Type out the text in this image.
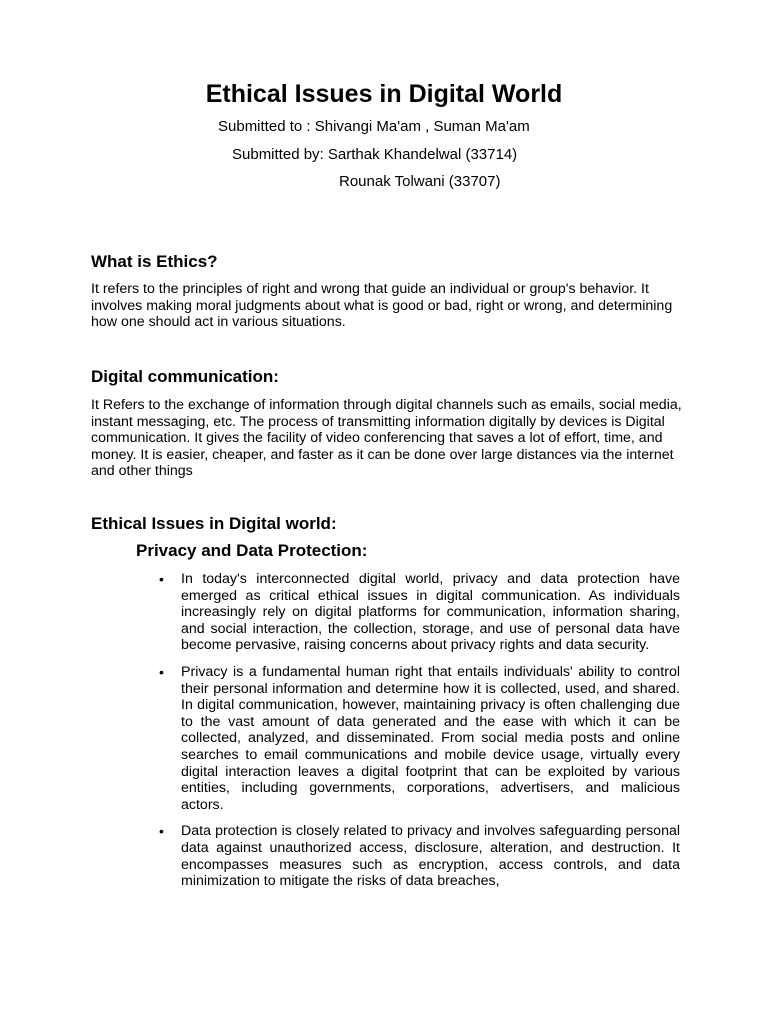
Ethical Issues in Digital World

Submitted to : Shivangi Ma'am , Suman Ma'am

Submitted by: Sarthak Khandelwal (33714)

Rounak Tolwani (33707)

What is Ethics?

It refers to the principles of right and wrong that guide an individual or group's behavior. It involves making moral judgments about what is good or bad, right or wrong, and determining how one should act in various situations.

Digital communication:

It Refers to the exchange of information through digital channels such as emails, social media, instant messaging, etc. The process of transmitting information digitally by devices is Digital communication. It gives the facility of video conferencing that saves a lot of effort, time, and money. It is easier, cheaper, and faster as it can be done over large distances via the internet and other things

Ethical Issues in Digital world:
Privacy and Data Protection:
• In today's interconnected digital world, privacy and data protection have emerged as critical ethical issues in digital communication. As individuals increasingly rely on digital platforms for communication, information sharing, and social interaction, the collection, storage, and use of personal data have become pervasive, raising concerns about privacy rights and data security.
• Privacy is a fundamental human right that entails individuals' ability to control their personal information and determine how it is collected, used, and shared. In digital communication, however, maintaining privacy is often challenging due to the vast amount of data generated and the ease with which it can be collected, analyzed, and disseminated. From social media posts and online searches to email communications and mobile device usage, virtually every digital interaction leaves a digital footprint that can be exploited by various entities, including governments, corporations, advertisers, and malicious actors.
• Data protection is closely related to privacy and involves safeguarding personal data against unauthorized access, disclosure, alteration, and destruction. It encompasses measures such as encryption, access controls, and data minimization to mitigate the risks of data breaches,
